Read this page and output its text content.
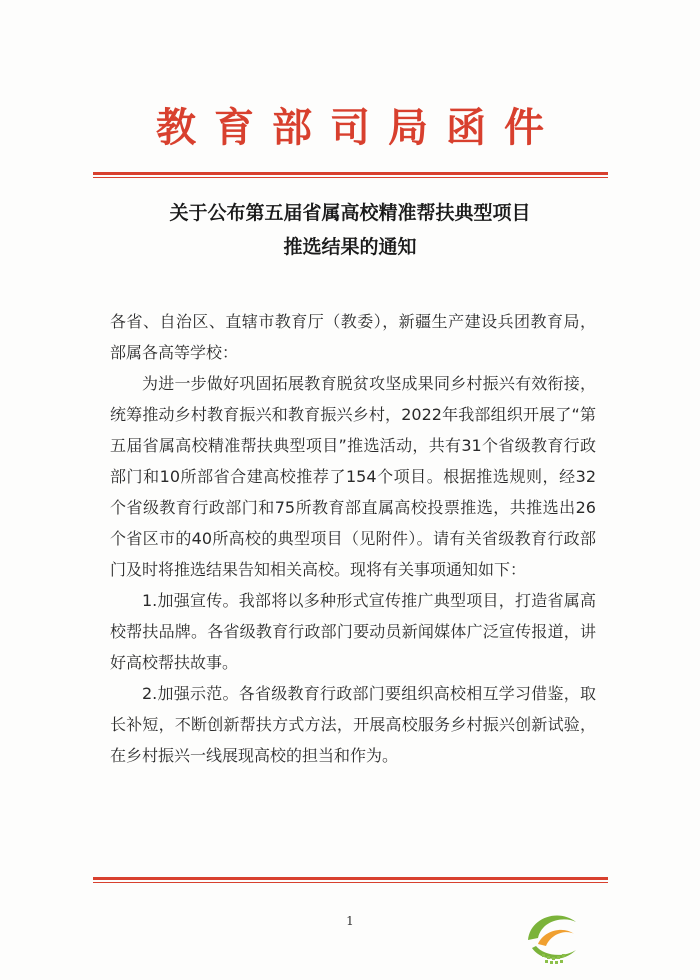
教育部司局函件
关于公布第五届省属高校精准帮扶典型项目
推选结果的通知

各省、自治区、直辖市教育厅（教委），新疆生产建设兵团教育局，部属各高等学校：

为进一步做好巩固拓展教育脱贫攻坚成果同乡村振兴有效衔接，统筹推动乡村教育振兴和教育振兴乡村，2022年我部组织开展了“第五届省属高校精准帮扶典型项目”推选活动，共有31个省级教育行政部门和10所部省合建高校推荐了154个项目。根据推选规则，经32个省级教育行政部门和75所教育部直属高校投票推选，共推选出26个省区市的40所高校的典型项目（见附件）。请有关省级教育行政部门及时将推选结果告知相关高校。现将有关事项通知如下：

1.加强宣传。我部将以多种形式宣传推广典型项目，打造省属高校帮扶品牌。各省级教育行政部门要动员新闻媒体广泛宣传报道，讲好高校帮扶故事。

2.加强示范。各省级教育行政部门要组织高校相互学习借鉴，取长补短，不断创新帮扶方式方法，开展高校服务乡村振兴创新试验，在乡村振兴一线展现高校的担当和作为。

1
